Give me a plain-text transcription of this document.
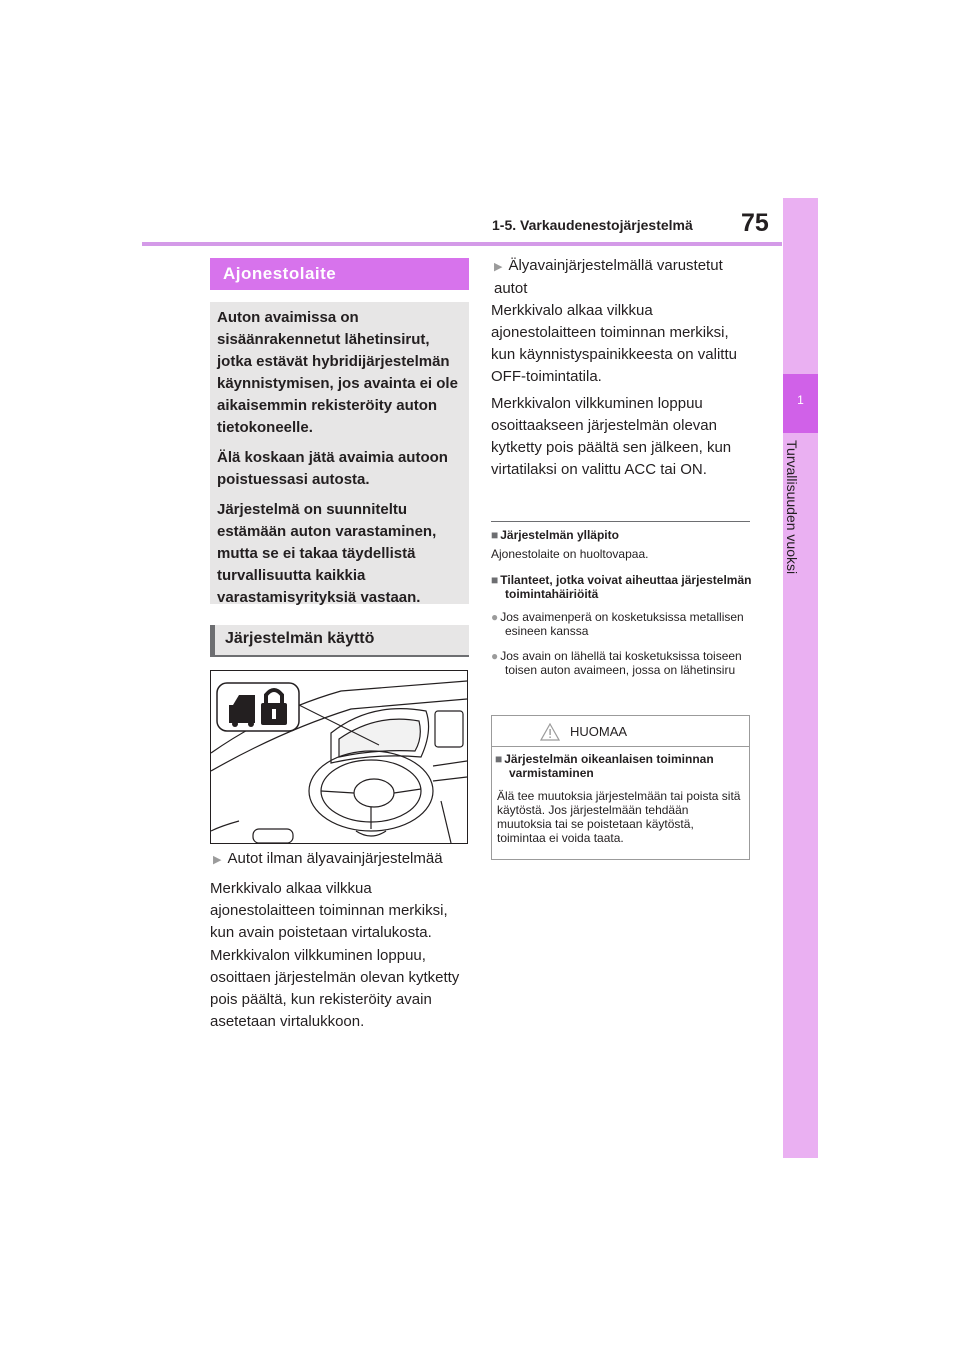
1-5. Varkaudenestojärjestelmä 75
1
Turvallisuuden vuoksi
Ajonestolaite

Auton avaimissa on sisäänrakennetut lähetinsirut, jotka estävät hybridijärjestelmän käynnistymisen, jos avainta ei ole aikaisemmin rekisteröity auton tietokoneelle.

Älä koskaan jätä avaimia autoon poistuessasi autosta.

Järjestelmä on suunniteltu estämään auton varastaminen, mutta se ei takaa täydellistä turvallisuutta kaikkia varastamisyrityksiä vastaan.

Järjestelmän käyttö
▶ Autot ilman älyavainjärjestelmää

Merkkivalo alkaa vilkkua ajonestolaitteen toiminnan merkiksi, kun avain poistetaan virtalukosta.

Merkkivalon vilkkuminen loppuu, osoittaen järjestelmän olevan kytketty pois päältä, kun rekisteröity avain asetetaan virtalukkoon.

▶ Älyavainjärjestelmällä varustetut autot

Merkkivalo alkaa vilkkua ajonestolaitteen toiminnan merkiksi, kun käynnistyspainikkeesta on valittu OFF-toimintatila.

Merkkivalon vilkkuminen loppuu osoittaakseen järjestelmän olevan kytketty pois päältä sen jälkeen, kun virtatilaksi on valittu ACC tai ON.

■ Järjestelmän ylläpito

Ajonestolaite on huoltovapaa.

■ Tilanteet, jotka voivat aiheuttaa järjestelmän toimintahäiriöitä
● Jos avaimenperä on kosketuksissa metallisen esineen kanssa
● Jos avain on lähellä tai kosketuksissa toiseen toisen auton avaimeen, jossa on lähetinsiru
HUOMAA
■ Järjestelmän oikeanlaisen toiminnan varmistaminen

Älä tee muutoksia järjestelmään tai poista sitä käytöstä. Jos järjestelmään tehdään muutoksia tai se poistetaan käytöstä, toimintaa ei voida taata.
